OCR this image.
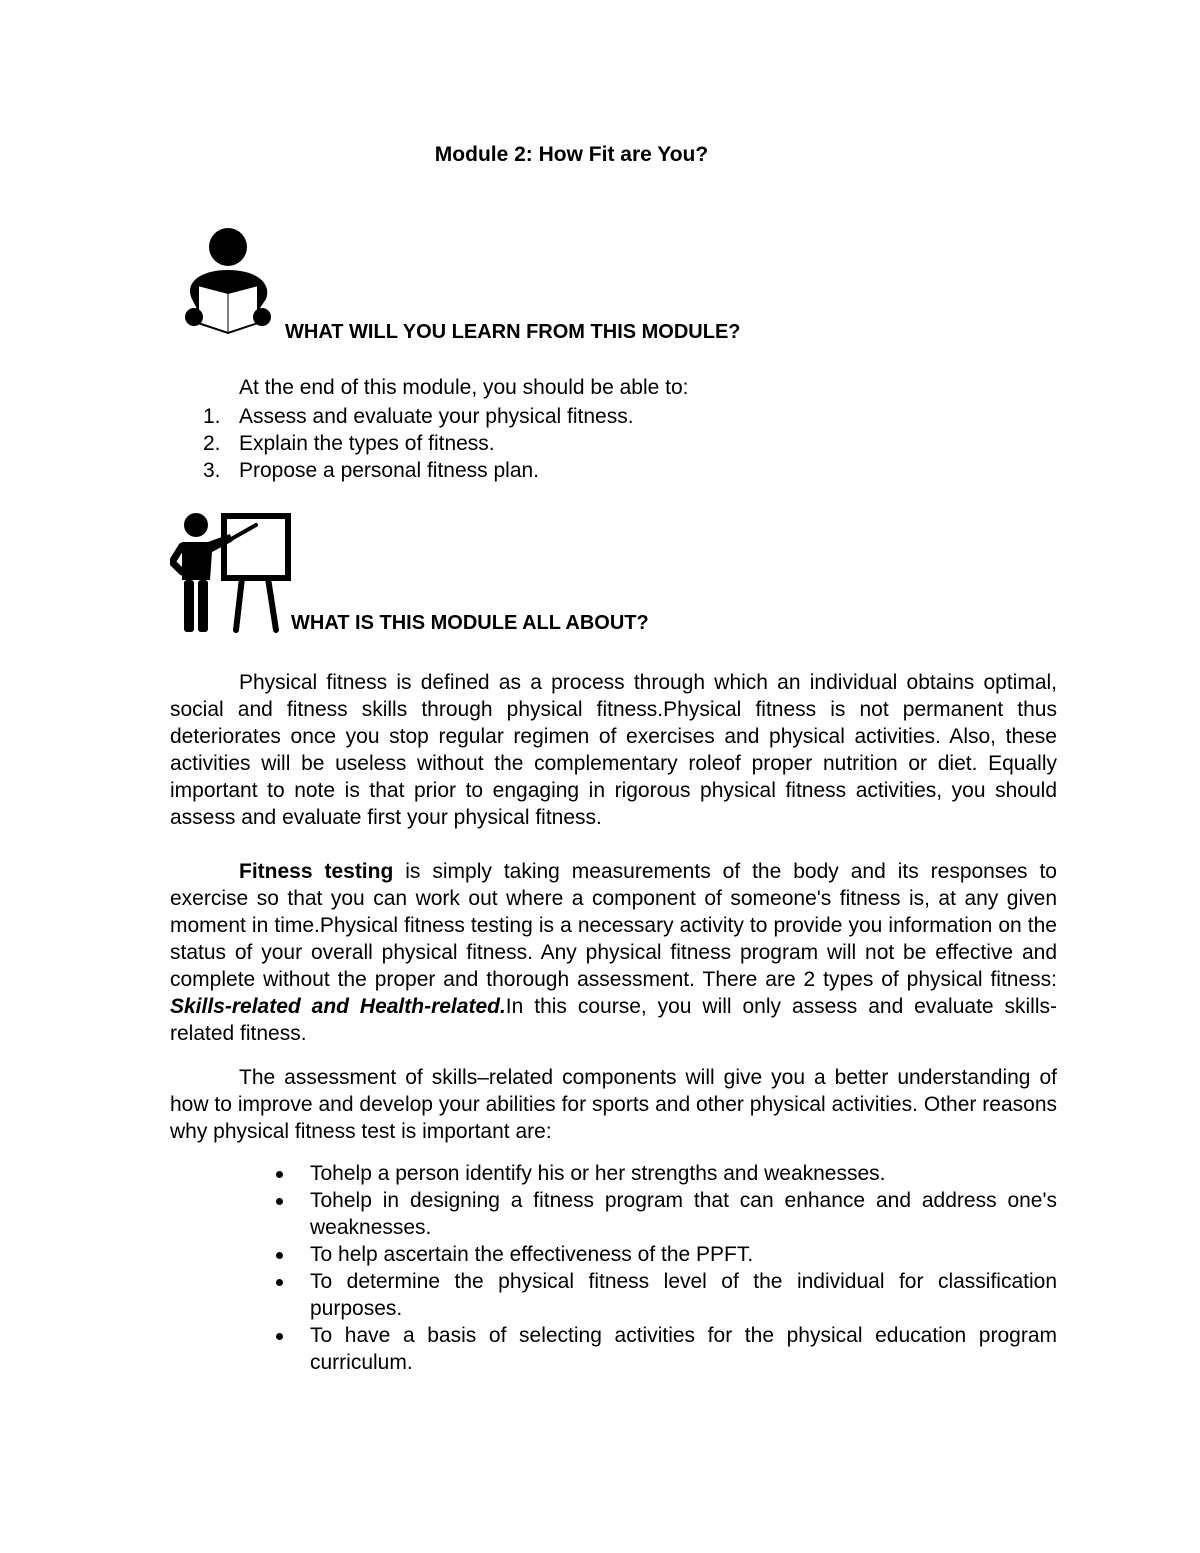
Module 2: How Fit are You?
WHAT WILL YOU LEARN FROM THIS MODULE?
At the end of this module, you should be able to:
1. Assess and evaluate your physical fitness.
2. Explain the types of fitness.
3. Propose a personal fitness plan.
WHAT IS THIS MODULE ALL ABOUT?

Physical fitness is defined as a process through which an individual obtains optimal, social and fitness skills through physical fitness.Physical fitness is not permanent thus deteriorates once you stop regular regimen of exercises and physical activities. Also, these activities will be useless without the complementary roleof proper nutrition or diet. Equally important to note is that prior to engaging in rigorous physical fitness activities, you should assess and evaluate first your physical fitness.

Fitness testing is simply taking measurements of the body and its responses to exercise so that you can work out where a component of someone's fitness is, at any given moment in time.Physical fitness testing is a necessary activity to provide you information on the status of your overall physical fitness. Any physical fitness program will not be effective and complete without the proper and thorough assessment. There are 2 types of physical fitness: Skills-related and Health-related.In this course, you will only assess and evaluate skills-related fitness.

The assessment of skills–related components will give you a better understanding of how to improve and develop your abilities for sports and other physical activities. Other reasons why physical fitness test is important are:

Tohelp a person identify his or her strengths and weaknesses.
Tohelp in designing a fitness program that can enhance and address one's weaknesses.
To help ascertain the effectiveness of the PPFT.
To determine the physical fitness level of the individual for classification purposes.
To have a basis of selecting activities for the physical education program curriculum.
